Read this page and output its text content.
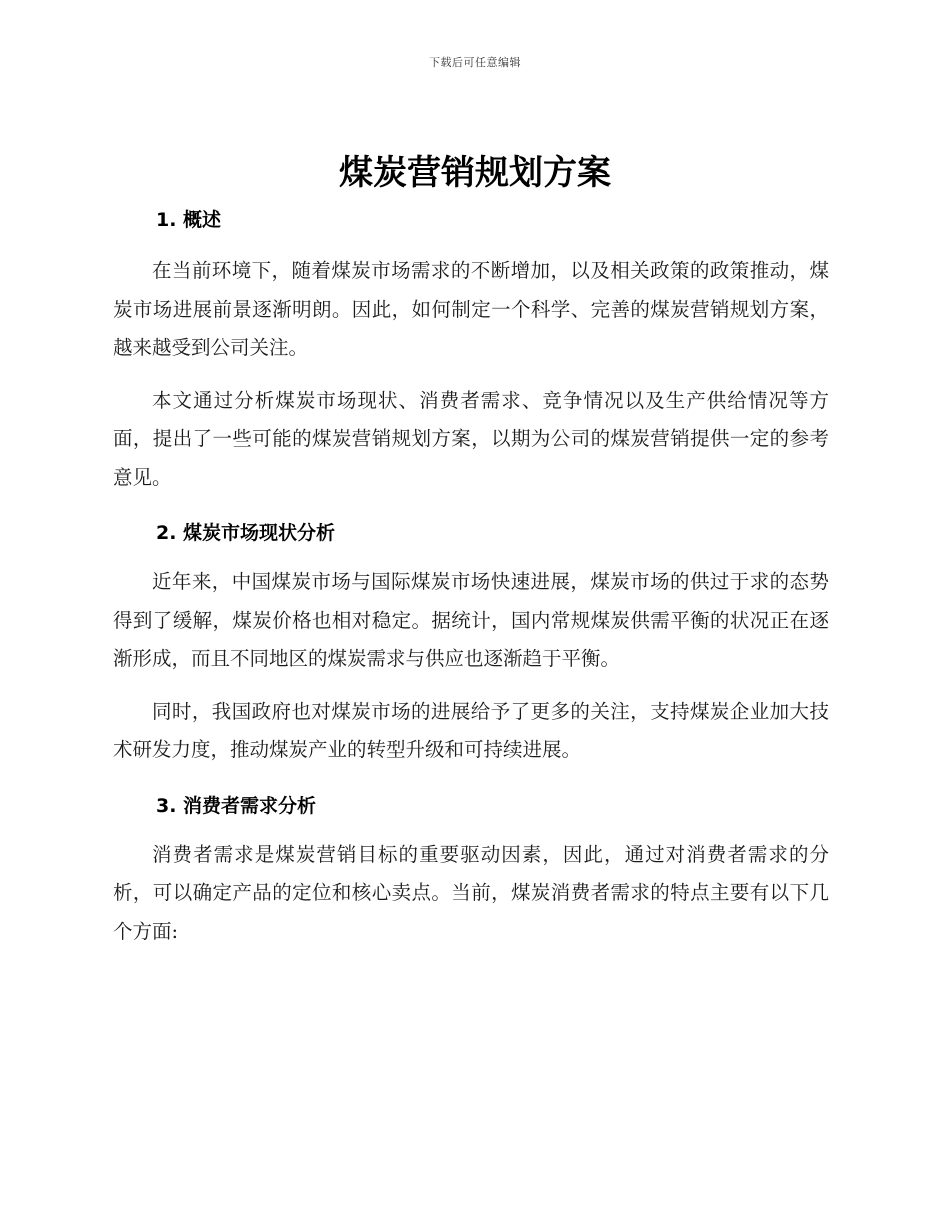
下载后可任意编辑
煤炭营销规划方案
1. 概述

在当前环境下，随着煤炭市场需求的不断增加，以及相关政策的政策推动，煤炭市场进展前景逐渐明朗。因此，如何制定一个科学、完善的煤炭营销规划方案，越来越受到公司关注。

本文通过分析煤炭市场现状、消费者需求、竞争情况以及生产供给情况等方面，提出了一些可能的煤炭营销规划方案，以期为公司的煤炭营销提供一定的参考意见。

2. 煤炭市场现状分析

近年来，中国煤炭市场与国际煤炭市场快速进展，煤炭市场的供过于求的态势得到了缓解，煤炭价格也相对稳定。据统计，国内常规煤炭供需平衡的状况正在逐渐形成，而且不同地区的煤炭需求与供应也逐渐趋于平衡。

同时，我国政府也对煤炭市场的进展给予了更多的关注，支持煤炭企业加大技术研发力度，推动煤炭产业的转型升级和可持续进展。

3. 消费者需求分析

消费者需求是煤炭营销目标的重要驱动因素，因此，通过对消费者需求的分析，可以确定产品的定位和核心卖点。当前，煤炭消费者需求的特点主要有以下几个方面:
